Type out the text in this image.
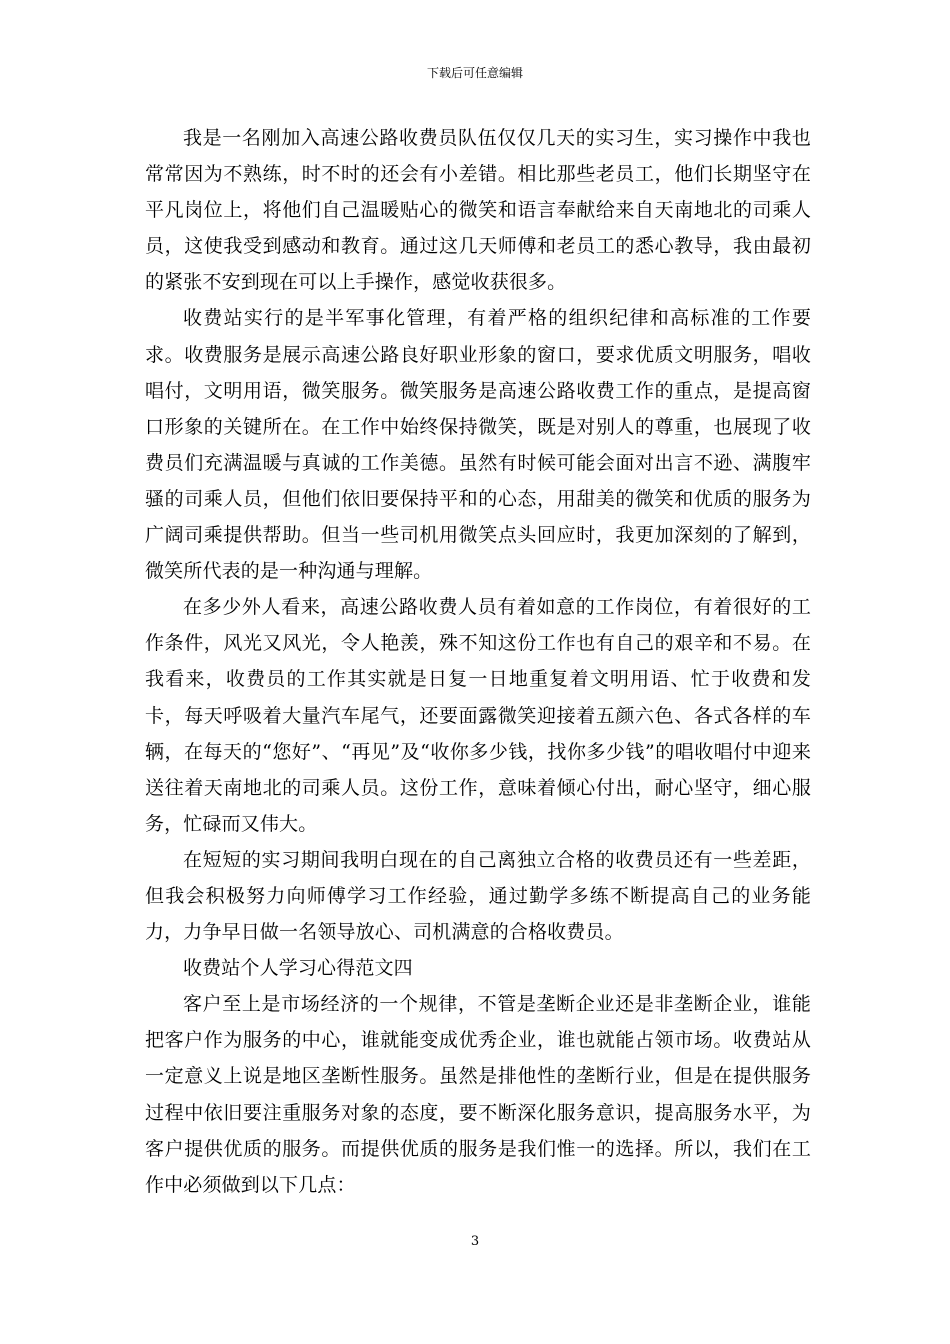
下载后可任意编辑

我是一名刚加入高速公路收费员队伍仅仅几天的实习生，实习操作中我也常常因为不熟练，时不时的还会有小差错。相比那些老员工，他们长期坚守在平凡岗位上，将他们自己温暖贴心的微笑和语言奉献给来自天南地北的司乘人员，这使我受到感动和教育。通过这几天师傅和老员工的悉心教导，我由最初的紧张不安到现在可以上手操作，感觉收获很多。

收费站实行的是半军事化管理，有着严格的组织纪律和高标准的工作要求。收费服务是展示高速公路良好职业形象的窗口，要求优质文明服务，唱收唱付，文明用语，微笑服务。微笑服务是高速公路收费工作的重点，是提高窗口形象的关键所在。在工作中始终保持微笑，既是对别人的尊重，也展现了收费员们充满温暖与真诚的工作美德。虽然有时候可能会面对出言不逊、满腹牢骚的司乘人员，但他们依旧要保持平和的心态，用甜美的微笑和优质的服务为广阔司乘提供帮助。但当一些司机用微笑点头回应时，我更加深刻的了解到，微笑所代表的是一种沟通与理解。

在多少外人看来，高速公路收费人员有着如意的工作岗位，有着很好的工作条件，风光又风光，令人艳羡，殊不知这份工作也有自己的艰辛和不易。在我看来，收费员的工作其实就是日复一日地重复着文明用语、忙于收费和发卡，每天呼吸着大量汽车尾气，还要面露微笑迎接着五颜六色、各式各样的车辆，在每天的“您好”、“再见”及“收你多少钱，找你多少钱”的唱收唱付中迎来送往着天南地北的司乘人员。这份工作，意味着倾心付出，耐心坚守，细心服务，忙碌而又伟大。

在短短的实习期间我明白现在的自己离独立合格的收费员还有一些差距，但我会积极努力向师傅学习工作经验，通过勤学多练不断提高自己的业务能力，力争早日做一名领导放心、司机满意的合格收费员。

收费站个人学习心得范文四

客户至上是市场经济的一个规律，不管是垄断企业还是非垄断企业，谁能把客户作为服务的中心，谁就能变成优秀企业，谁也就能占领市场。收费站从一定意义上说是地区垄断性服务。虽然是排他性的垄断行业，但是在提供服务过程中依旧要注重服务对象的态度，要不断深化服务意识，提高服务水平，为客户提供优质的服务。而提供优质的服务是我们惟一的选择。所以，我们在工作中必须做到以下几点：

3
